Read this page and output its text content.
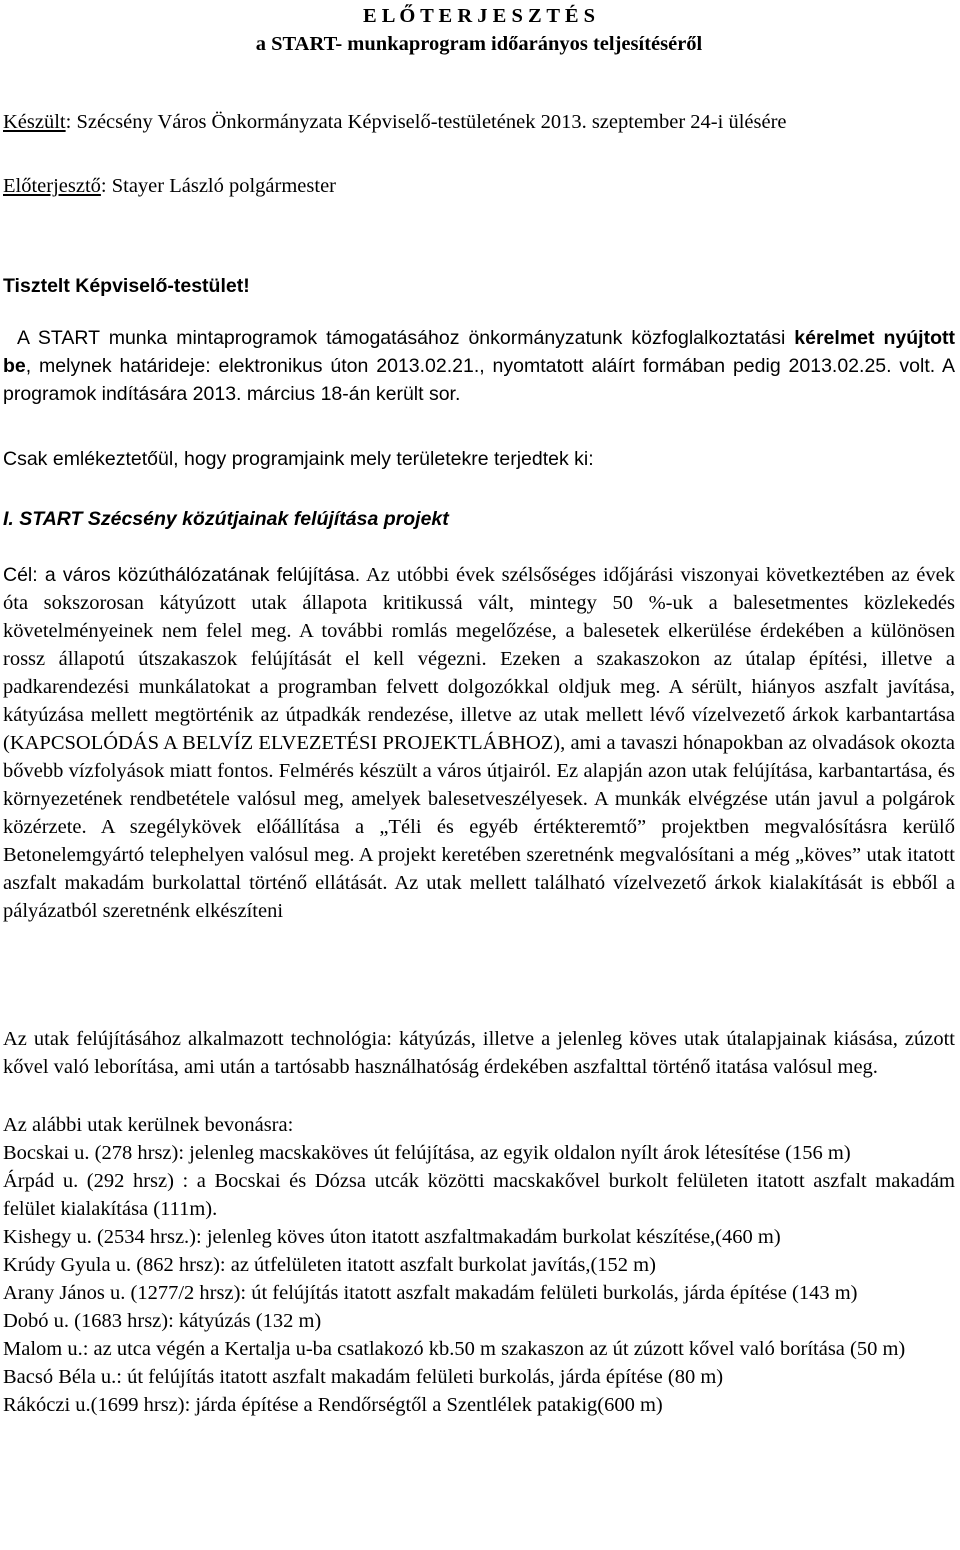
E L Ő T E R J E S Z T É S
a START- munkaprogram időarányos teljesítéséről
Készült: Szécsény Város Önkormányzata Képviselő-testületének 2013. szeptember 24-i ülésére
Előterjesztő: Stayer László polgármester
Tisztelt Képviselő-testület!
A START munka mintaprogramok támogatásához önkormányzatunk közfoglalkoztatási kérelmet nyújtott be, melynek határideje: elektronikus úton 2013.02.21., nyomtatott aláírt formában pedig 2013.02.25. volt. A programok indítására 2013. március 18-án került sor.
Csak emlékeztetőül, hogy programjaink mely területekre terjedtek ki:
I. START Szécsény közútjainak felújítása projekt
Cél: a város közúthálózatának felújítása. Az utóbbi évek szélsőséges időjárási viszonyai következtében az évek óta sokszorosan kátyúzott utak állapota kritikussá vált, mintegy 50 %-uk a balesetmentes közlekedés követelményeinek nem felel meg. A további romlás megelőzése, a balesetek elkerülése érdekében a különösen rossz állapotú útszakaszok felújítását el kell végezni. Ezeken a szakaszokon az útalap építési, illetve a padkarendezési munkálatokat a programban felvett dolgozókkal oldjuk meg. A sérült, hiányos aszfalt javítása, kátyúzása mellett megtörténik az útpadkák rendezése, illetve az utak mellett lévő vízelvezető árkok karbantartása (KAPCSOLÓDÁS A BELVÍZ ELVEZETÉSI PROJEKTLÁBHOZ), ami a tavaszi hónapokban az olvadások okozta bővebb vízfolyások miatt fontos. Felmérés készült a város útjairól. Ez alapján azon utak felújítása, karbantartása, és környezetének rendbetétele valósul meg, amelyek balesetveszélyesek. A munkák elvégzése után javul a polgárok közérzete. A szegélykövek előállítása a „Téli és egyéb értékteremtő” projektben megvalósításra kerülő Betonelemgyártó telephelyen valósul meg. A projekt keretében szeretnénk megvalósítani a még „köves” utak itatott aszfalt makadám burkolattal történő ellátását. Az utak mellett található vízelvezető árkok kialakítását is ebből a pályázatból szeretnénk elkészíteni
Az utak felújításához alkalmazott technológia: kátyúzás, illetve a jelenleg köves utak útalapjainak kiásása, zúzott kővel való leborítása, ami után a tartósabb használhatóság érdekében aszfalttal történő itatása valósul meg.
Az alábbi utak kerülnek bevonásra:
Bocskai u. (278 hrsz): jelenleg macskaköves út felújítása, az egyik oldalon nyílt árok létesítése (156 m)
Árpád u. (292 hrsz) : a Bocskai és Dózsa utcák közötti macskakővel burkolt felületen itatott aszfalt makadám felület kialakítása (111m).
Kishegy u. (2534 hrsz.): jelenleg köves úton itatott aszfaltmakadám burkolat készítése,(460 m)
Krúdy Gyula u. (862 hrsz): az útfelületen itatott aszfalt burkolat javítás,(152 m)
Arany János u. (1277/2 hrsz): út felújítás itatott aszfalt makadám felületi burkolás, járda építése (143 m)
Dobó u. (1683 hrsz): kátyúzás (132 m)
Malom u.: az utca végén a Kertalja u-ba csatlakozó kb.50 m szakaszon az út zúzott kővel való borítása (50 m)
Bacsó Béla u.: út felújítás itatott aszfalt makadám felületi burkolás, járda építése (80 m)
Rákóczi u.(1699 hrsz): járda építése a Rendőrségtől a Szentlélek patakig(600 m)
